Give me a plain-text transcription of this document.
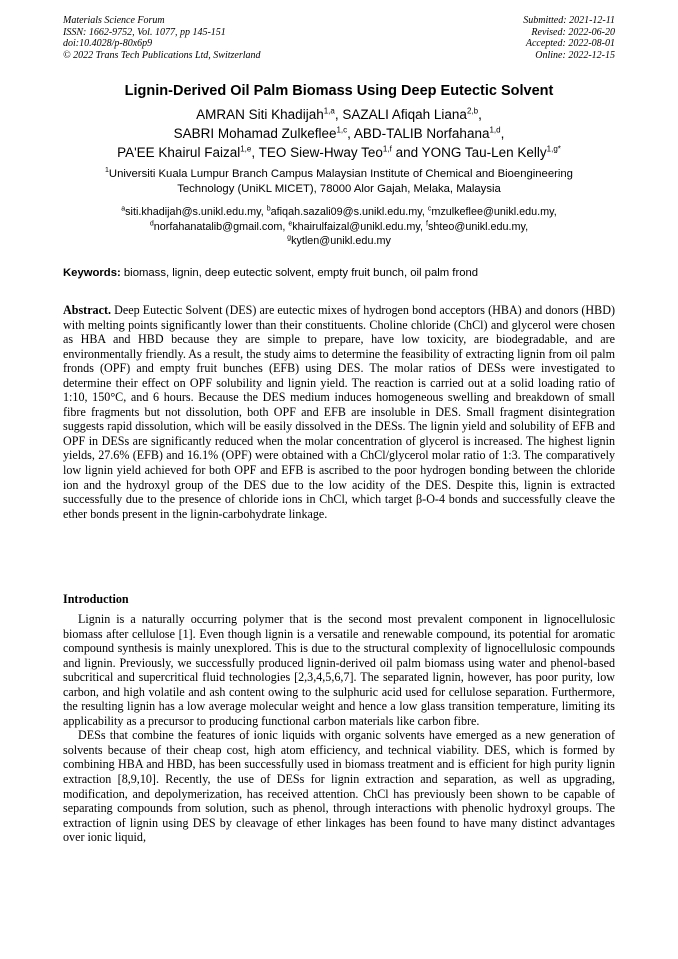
Materials Science Forum
ISSN: 1662-9752, Vol. 1077, pp 145-151
doi:10.4028/p-80x6p9
© 2022 Trans Tech Publications Ltd, Switzerland
Submitted: 2021-12-11
Revised: 2022-06-20
Accepted: 2022-08-01
Online: 2022-12-15
Lignin-Derived Oil Palm Biomass Using Deep Eutectic Solvent
AMRAN Siti Khadijah$^{1,a}$, SAZALI Afiqah Liana$^{2,b}$,
SABRI Mohamad Zulkeflee$^{1,c}$, ABD-TALIB Norfahana$^{1,d}$,
PA'EE Khairul Faizal$^{1,e}$, TEO Siew-Hway Teo$^{1,f}$ and YONG Tau-Len Kelly$^{1,g*}$
$^1$Universiti Kuala Lumpur Branch Campus Malaysian Institute of Chemical and Bioengineering
Technology (UniKL MICET), 78000 Alor Gajah, Melaka, Malaysia
$^a$siti.khadijah@s.unikl.edu.my, $^b$afiqah.sazali09@s.unikl.edu.my, $^c$mzulkeflee@unikl.edu.my,
$^d$norfahanatalib@gmail.com, $^e$khairulfaizal@unikl.edu.my, $^f$shteo@unikl.edu.my,
$^g$kytlen@unikl.edu.my
Keywords: biomass, lignin, deep eutectic solvent, empty fruit bunch, oil palm frond
Abstract. Deep Eutectic Solvent (DES) are eutectic mixes of hydrogen bond acceptors (HBA) and donors (HBD) with melting points significantly lower than their constituents. Choline chloride (ChCl) and glycerol were chosen as HBA and HBD because they are simple to prepare, have low toxicity, are biodegradable, and are environmentally friendly. As a result, the study aims to determine the feasibility of extracting lignin from oil palm fronds (OPF) and empty fruit bunches (EFB) using DES. The molar ratios of DESs were investigated to determine their effect on OPF solubility and lignin yield. The reaction is carried out at a solid loading ratio of 1:10, 150°C, and 6 hours. Because the DES medium induces homogeneous swelling and breakdown of small fibre fragments but not dissolution, both OPF and EFB are insoluble in DES. Small fragment disintegration suggests rapid dissolution, which will be easily dissolved in the DESs. The lignin yield and solubility of EFB and OPF in DESs are significantly reduced when the molar concentration of glycerol is increased. The highest lignin yields, 27.6% (EFB) and 16.1% (OPF) were obtained with a ChCl/glycerol molar ratio of 1:3. The comparatively low lignin yield achieved for both OPF and EFB is ascribed to the poor hydrogen bonding between the chloride ion and the hydroxyl group of the DES due to the low acidity of the DES. Despite this, lignin is extracted successfully due to the presence of chloride ions in ChCl, which target β-O-4 bonds and successfully cleave the ether bonds present in the lignin-carbohydrate linkage.
Introduction

Lignin is a naturally occurring polymer that is the second most prevalent component in lignocellulosic biomass after cellulose [1]. Even though lignin is a versatile and renewable compound, its potential for aromatic compound synthesis is mainly unexplored. This is due to the structural complexity of lignocellulosic compounds and lignin. Previously, we successfully produced lignin-derived oil palm biomass using water and phenol-based subcritical and supercritical fluid technologies [2,3,4,5,6,7]. The separated lignin, however, has poor purity, low carbon, and high volatile and ash content owing to the sulphuric acid used for cellulose separation. Furthermore, the resulting lignin has a low average molecular weight and hence a low glass transition temperature, limiting its applicability as a precursor to producing functional carbon materials like carbon fibre.

DESs that combine the features of ionic liquids with organic solvents have emerged as a new generation of solvents because of their cheap cost, high atom efficiency, and technical viability. DES, which is formed by combining HBA and HBD, has been successfully used in biomass treatment and is efficient for high purity lignin extraction [8,9,10]. Recently, the use of DESs for lignin extraction and separation, as well as upgrading, modification, and depolymerization, has received attention. ChCl has previously been shown to be capable of separating compounds from solution, such as phenol, through interactions with phenolic hydroxyl groups. The extraction of lignin using DES by cleavage of ether linkages has been found to have many distinct advantages over ionic liquid,
